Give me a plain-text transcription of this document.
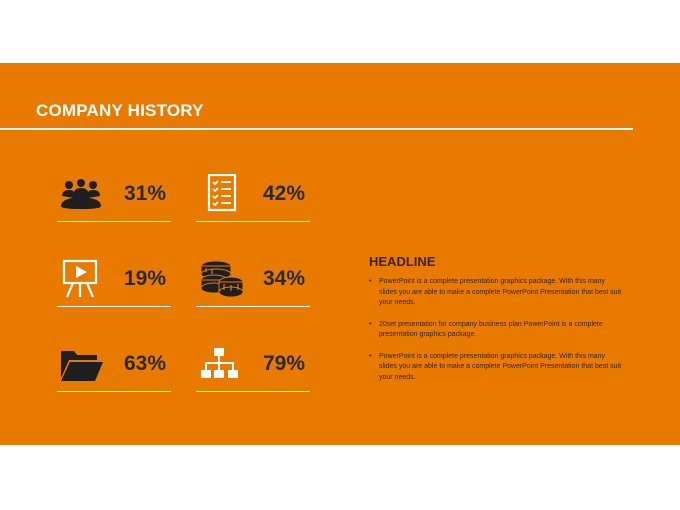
COMPANY HISTORY
31%	42%
19%	34%
63%	79%
HEADLINE
• PowerPoint is a complete presentation graphics package. With this many slides you are able to make a complete PowerPoint Presentation that best suit your needs.
• 20set presentation for company business plan PowerPoint is a complete presentation graphics package.
• PowerPoint is a complete presentation graphics package. With this many slides you are able to make a complete PowerPoint Presentation that best suit your needs.
